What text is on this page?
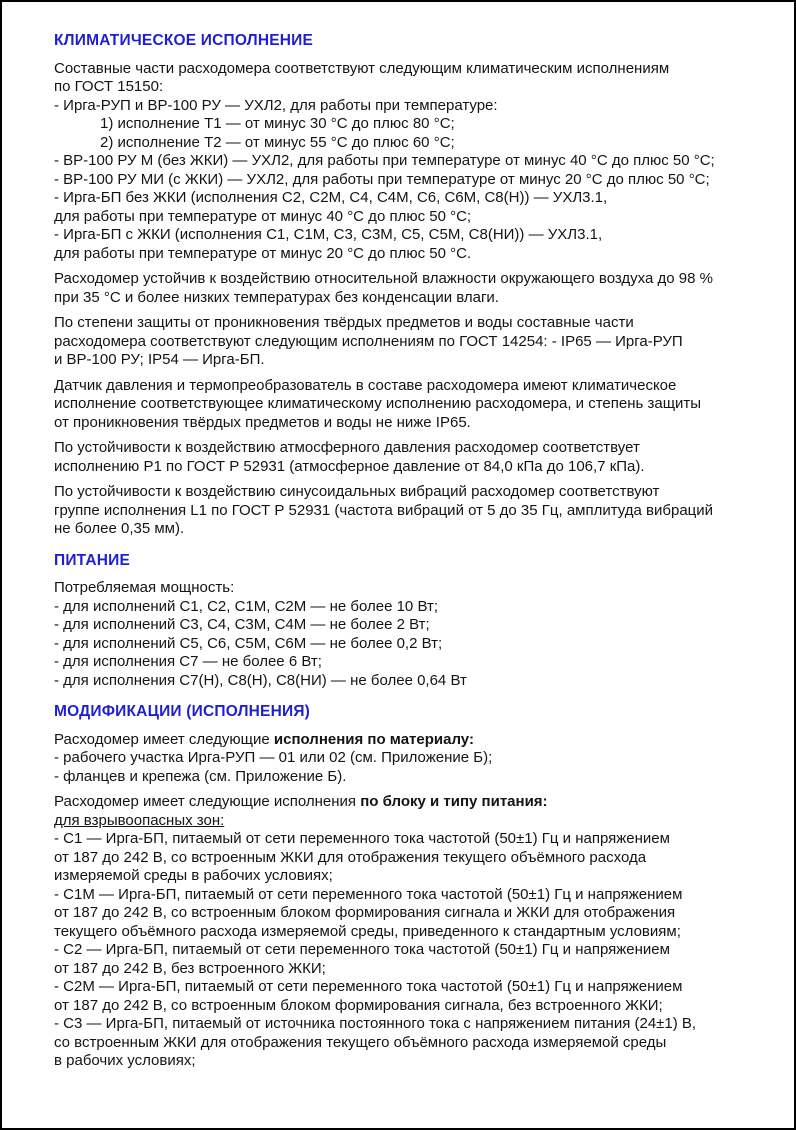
КЛИМАТИЧЕСКОЕ ИСПОЛНЕНИЕ
Составные части расходомера соответствуют следующим климатическим исполнениям
по ГОСТ 15150:
- Ирга-РУП и ВР-100 РУ — УХЛ2, для работы при температуре:
1) исполнение Т1 — от минус 30 °С до плюс 80 °С;
2) исполнение Т2 — от минус 55 °С до плюс 60 °С;
- ВР-100 РУ М (без ЖКИ) — УХЛ2, для работы при температуре от минус 40 °С до плюс 50 °С;
- ВР-100 РУ МИ (с ЖКИ) — УХЛ2, для работы при температуре от минус 20 °С до плюс 50 °С;
- Ирга-БП без ЖКИ (исполнения С2, С2М, С4, С4М, С6, С6М, С8(Н)) — УХЛ3.1,
для работы при температуре от минус 40 °С до плюс 50 °С;
- Ирга-БП с ЖКИ (исполнения С1, С1М, С3, С3М, С5, С5М, С8(НИ)) — УХЛ3.1,
для работы при температуре от минус 20 °С до плюс 50 °С.
Расходомер устойчив к воздействию относительной влажности окружающего воздуха до 98 %
при 35 °С и более низких температурах без конденсации влаги.
По степени защиты от проникновения твёрдых предметов и воды составные части
расходомера соответствуют следующим исполнениям по ГОСТ 14254: - IP65 — Ирга-РУП
и ВР-100 РУ; IP54 — Ирга-БП.
Датчик давления и термопреобразователь в составе расходомера имеют климатическое
исполнение соответствующее климатическому исполнению расходомера, и степень защиты
от проникновения твёрдых предметов и воды не ниже IP65.
По устойчивости к воздействию атмосферного давления расходомер соответствует
исполнению Р1 по ГОСТ Р 52931 (атмосферное давление от 84,0 кПа до 106,7 кПа).
По устойчивости к воздействию синусоидальных вибраций расходомер соответствуют
группе исполнения L1 по ГОСТ Р 52931 (частота вибраций от 5 до 35 Гц, амплитуда вибраций
не более 0,35 мм).
ПИТАНИЕ
Потребляемая мощность:
- для исполнений С1, С2, С1М, С2М — не более 10 Вт;
- для исполнений С3, С4, С3М, С4М — не более 2 Вт;
- для исполнений С5, С6, С5М, С6М — не более 0,2 Вт;
- для исполнения С7 — не более 6 Вт;
- для исполнения С7(Н), С8(Н), С8(НИ) — не более 0,64 Вт
МОДИФИКАЦИИ (ИСПОЛНЕНИЯ)
Расходомер имеет следующие исполнения по материалу:
- рабочего участка Ирга-РУП — 01 или 02 (см. Приложение Б);
- фланцев и крепежа (см. Приложение Б).
Расходомер имеет следующие исполнения по блоку и типу питания:
для взрывоопасных зон:
- С1 — Ирга-БП, питаемый от сети переменного тока частотой (50±1) Гц и напряжением
от 187 до 242 В, со встроенным ЖКИ для отображения текущего объёмного расхода
измеряемой среды в рабочих условиях;
- С1М — Ирга-БП, питаемый от сети переменного тока частотой (50±1) Гц и напряжением
от 187 до 242 В, со встроенным блоком формирования сигнала и ЖКИ для отображения
текущего объёмного расхода измеряемой среды, приведенного к стандартным условиям;
- С2 — Ирга-БП, питаемый от сети переменного тока частотой (50±1) Гц и напряжением
от 187 до 242 В, без встроенного ЖКИ;
- С2М — Ирга-БП, питаемый от сети переменного тока частотой (50±1) Гц и напряжением
от 187 до 242 В, со встроенным блоком формирования сигнала, без встроенного ЖКИ;
- С3 — Ирга-БП, питаемый от источника постоянного тока с напряжением питания (24±1) В,
со встроенным ЖКИ для отображения текущего объёмного расхода измеряемой среды
в рабочих условиях;
